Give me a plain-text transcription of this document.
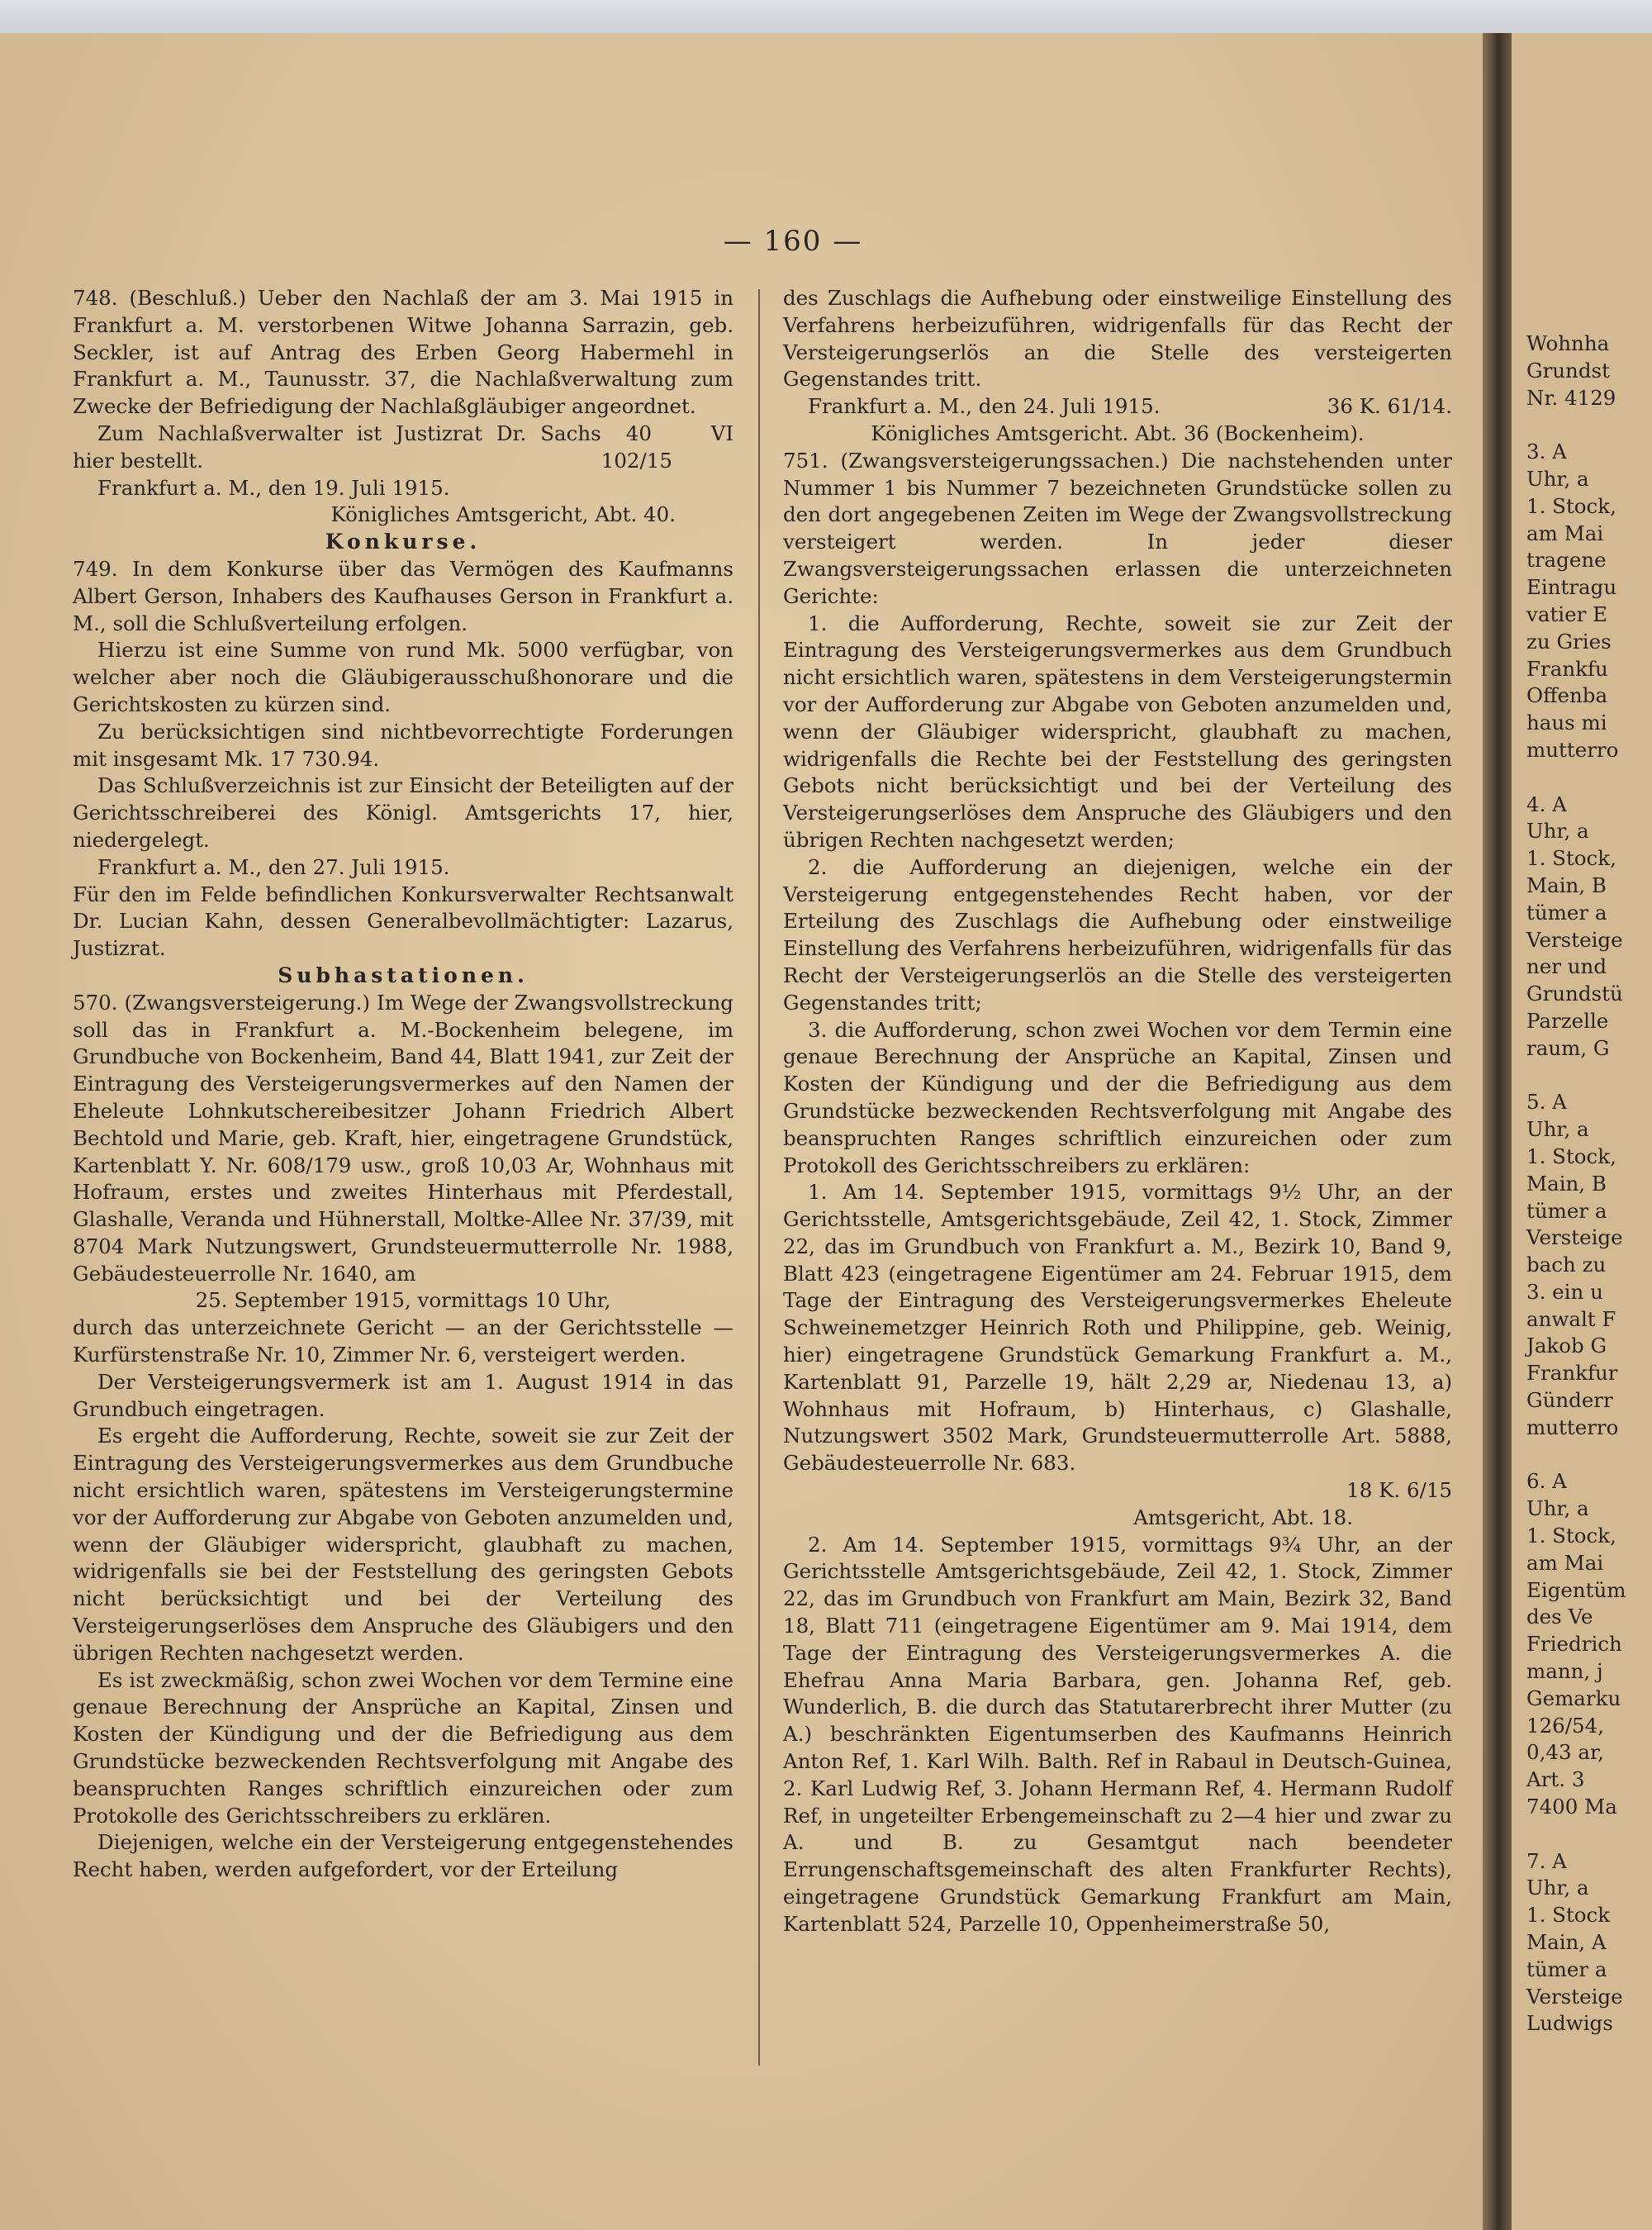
Wohnha
Grundst
Nr. 4129
3. A
Uhr, a
1. Stock,
am Mai
tragene
Eintragu
vatier E
zu Gries
Frankfu
Offenba
haus mi
mutterro
4. A
Uhr, a
1. Stock,
Main, B
tümer a
Versteige
ner und
Grundstü
Parzelle
raum, G
5. A
Uhr, a
1. Stock,
Main, B
tümer a
Versteige
bach zu
3. ein u
anwalt F
Jakob G
Frankfur
Günderr
mutterro
6. A
Uhr, a
1. Stock,
am Mai
Eigentüm
des Ve
Friedrich
mann, j
Gemarku
126/54,
0,43 ar,
Art. 3
7400 Ma
7. A
Uhr, a
1. Stock
Main, A
tümer a
Versteige
Ludwigs
— 160 —

748. (Beschluß.) Ueber den Nachlaß der am 3. Mai 1915 in Frankfurt a. M. verstorbenen Witwe Johanna Sarrazin, geb. Seckler, ist auf Antrag des Erben Georg Habermehl in Frankfurt a. M., Taunusstr. 37, die Nachlaßverwaltung zum Zwecke der Befriedigung der Nachlaßgläubiger angeordnet.

Zum Nachlaßverwalter ist Justizrat Dr. Sachs hier bestellt.
40 VI 102/15

Frankfurt a. M., den 19. Juli 1915.

Königliches Amtsgericht, Abt. 40.

Konkurse.

749. In dem Konkurse über das Vermögen des Kaufmanns Albert Gerson, Inhabers des Kaufhauses Gerson in Frankfurt a. M., soll die Schlußverteilung erfolgen.

Hierzu ist eine Summe von rund Mk. 5000 verfügbar, von welcher aber noch die Gläubigerausschußhonorare und die Gerichtskosten zu kürzen sind.

Zu berücksichtigen sind nichtbevorrechtigte Forderungen mit insgesamt Mk. 17 730.94.

Das Schlußverzeichnis ist zur Einsicht der Beteiligten auf der Gerichtsschreiberei des Königl. Amtsgerichts 17, hier, niedergelegt.

Frankfurt a. M., den 27. Juli 1915.

Für den im Felde befindlichen Konkursverwalter Rechtsanwalt Dr. Lucian Kahn, dessen Generalbevollmächtigter: Lazarus, Justizrat.

Subhastationen.

570. (Zwangsversteigerung.) Im Wege der Zwangsvollstreckung soll das in Frankfurt a. M.-Bockenheim belegene, im Grundbuche von Bockenheim, Band 44, Blatt 1941, zur Zeit der Eintragung des Versteigerungsvermerkes auf den Namen der Eheleute Lohnkutschereibesitzer Johann Friedrich Albert Bechtold und Marie, geb. Kraft, hier, eingetragene Grundstück, Kartenblatt Y. Nr. 608/179 usw., groß 10,03 Ar, Wohnhaus mit Hofraum, erstes und zweites Hinterhaus mit Pferdestall, Glashalle, Veranda und Hühnerstall, Moltke-Allee Nr. 37/39, mit 8704 Mark Nutzungswert, Grundsteuermutterrolle Nr. 1988, Gebäudesteuerrolle Nr. 1640, am

25. September 1915, vormittags 10 Uhr,

durch das unterzeichnete Gericht — an der Gerichtsstelle — Kurfürstenstraße Nr. 10, Zimmer Nr. 6, versteigert werden.

Der Versteigerungsvermerk ist am 1. August 1914 in das Grundbuch eingetragen.

Es ergeht die Aufforderung, Rechte, soweit sie zur Zeit der Eintragung des Versteigerungsvermerkes aus dem Grundbuche nicht ersichtlich waren, spätestens im Versteigerungstermine vor der Aufforderung zur Abgabe von Geboten anzumelden und, wenn der Gläubiger widerspricht, glaubhaft zu machen, widrigenfalls sie bei der Feststellung des geringsten Gebots nicht berücksichtigt und bei der Verteilung des Versteigerungserlöses dem Anspruche des Gläubigers und den übrigen Rechten nachgesetzt werden.

Es ist zweckmäßig, schon zwei Wochen vor dem Termine eine genaue Berechnung der Ansprüche an Kapital, Zinsen und Kosten der Kündigung und der die Befriedigung aus dem Grundstücke bezweckenden Rechtsverfolgung mit Angabe des beanspruchten Ranges schriftlich einzureichen oder zum Protokolle des Gerichtsschreibers zu erklären.

Diejenigen, welche ein der Versteigerung entgegenstehendes Recht haben, werden aufgefordert, vor der Erteilung

des Zuschlags die Aufhebung oder einstweilige Einstellung des Verfahrens herbeizuführen, widrigenfalls für das Recht der Versteigerungserlös an die Stelle des versteigerten Gegenstandes tritt.

Frankfurt a. M., den 24. Juli 1915.	36 K. 61/14.

Königliches Amtsgericht. Abt. 36 (Bockenheim).

751. (Zwangsversteigerungssachen.) Die nachstehenden unter Nummer 1 bis Nummer 7 bezeichneten Grundstücke sollen zu den dort angegebenen Zeiten im Wege der Zwangsvollstreckung versteigert werden. In jeder dieser Zwangsversteigerungssachen erlassen die unterzeichneten Gerichte:

1. die Aufforderung, Rechte, soweit sie zur Zeit der Eintragung des Versteigerungsvermerkes aus dem Grundbuch nicht ersichtlich waren, spätestens in dem Versteigerungstermin vor der Aufforderung zur Abgabe von Geboten anzumelden und, wenn der Gläubiger widerspricht, glaubhaft zu machen, widrigenfalls die Rechte bei der Feststellung des geringsten Gebots nicht berücksichtigt und bei der Verteilung des Versteigerungserlöses dem Anspruche des Gläubigers und den übrigen Rechten nachgesetzt werden;

2. die Aufforderung an diejenigen, welche ein der Versteigerung entgegenstehendes Recht haben, vor der Erteilung des Zuschlags die Aufhebung oder einstweilige Einstellung des Verfahrens herbeizuführen, widrigenfalls für das Recht der Versteigerungserlös an die Stelle des versteigerten Gegenstandes tritt;

3. die Aufforderung, schon zwei Wochen vor dem Termin eine genaue Berechnung der Ansprüche an Kapital, Zinsen und Kosten der Kündigung und der die Befriedigung aus dem Grundstücke bezweckenden Rechtsverfolgung mit Angabe des beanspruchten Ranges schriftlich einzureichen oder zum Protokoll des Gerichtsschreibers zu erklären:

1. Am 14. September 1915, vormittags 9½ Uhr, an der Gerichtsstelle, Amtsgerichtsgebäude, Zeil 42, 1. Stock, Zimmer 22, das im Grundbuch von Frankfurt a. M., Bezirk 10, Band 9, Blatt 423 (eingetragene Eigentümer am 24. Februar 1915, dem Tage der Eintragung des Versteigerungsvermerkes Eheleute Schweinemetzger Heinrich Roth und Philippine, geb. Weinig, hier) eingetragene Grundstück Gemarkung Frankfurt a. M., Kartenblatt 91, Parzelle 19, hält 2,29 ar, Niedenau 13, a) Wohnhaus mit Hofraum, b) Hinterhaus, c) Glashalle, Nutzungswert 3502 Mark, Grundsteuermutterrolle Art. 5888, Gebäudesteuerrolle Nr. 683.

18 K. 6/15

Amtsgericht, Abt. 18.

2. Am 14. September 1915, vormittags 9¾ Uhr, an der Gerichtsstelle Amtsgerichtsgebäude, Zeil 42, 1. Stock, Zimmer 22, das im Grundbuch von Frankfurt am Main, Bezirk 32, Band 18, Blatt 711 (eingetragene Eigentümer am 9. Mai 1914, dem Tage der Eintragung des Versteigerungsvermerkes A. die Ehefrau Anna Maria Barbara, gen. Johanna Ref, geb. Wunderlich, B. die durch das Statutarerbrecht ihrer Mutter (zu A.) beschränkten Eigentumserben des Kaufmanns Heinrich Anton Ref, 1. Karl Wilh. Balth. Ref in Rabaul in Deutsch-Guinea, 2. Karl Ludwig Ref, 3. Johann Hermann Ref, 4. Hermann Rudolf Ref, in ungeteilter Erbengemeinschaft zu 2—4 hier und zwar zu A. und B. zu Gesamtgut nach beendeter Errungenschaftsgemeinschaft des alten Frankfurter Rechts), eingetragene Grundstück Gemarkung Frankfurt am Main, Kartenblatt 524, Parzelle 10, Oppenheimerstraße 50,
